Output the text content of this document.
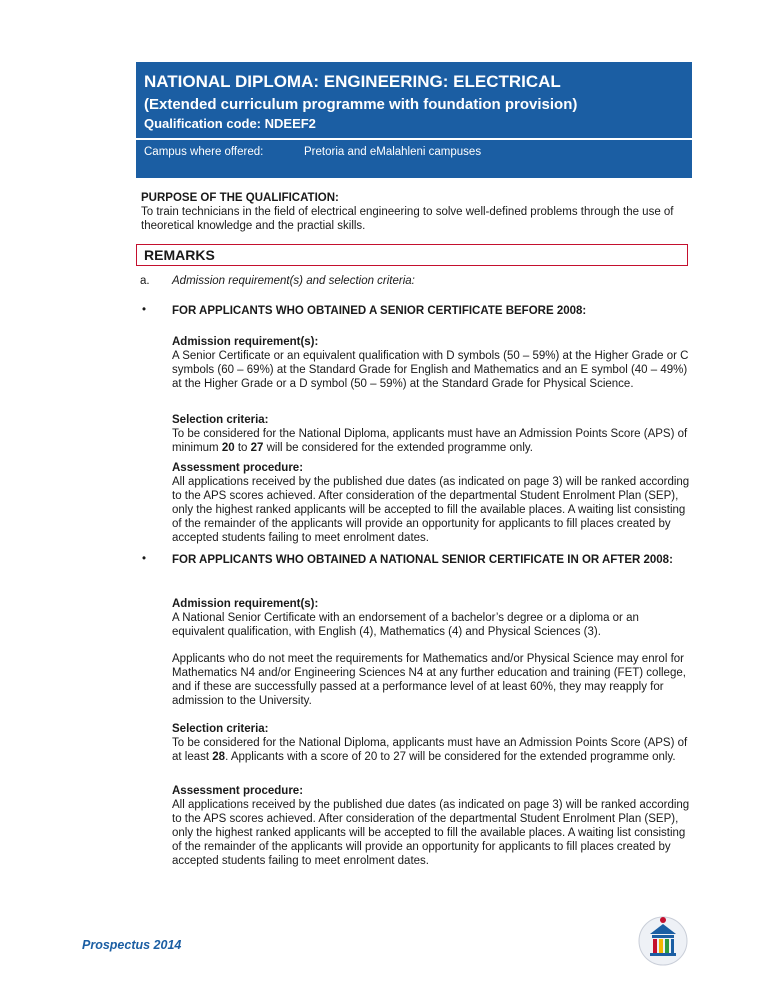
NATIONAL DIPLOMA: ENGINEERING: ELECTRICAL
(Extended curriculum programme with foundation provision)
Qualification code: NDEEF2
Campus where offered:	Pretoria and eMalahleni campuses
PURPOSE OF THE QUALIFICATION:
To train technicians in the field of electrical engineering to solve well-defined problems through the use of theoretical knowledge and the practial skills.
REMARKS
a. Admission requirement(s) and selection criteria:
• FOR APPLICANTS WHO OBTAINED A SENIOR CERTIFICATE BEFORE 2008:

Admission requirement(s):

A Senior Certificate or an equivalent qualification with D symbols (50 – 59%) at the Higher Grade or C symbols (60 – 69%) at the Standard Grade for English and Mathematics and an E symbol (40 – 49%) at the Higher Grade or a D symbol (50 – 59%) at the Standard Grade for Physical Science.

Selection criteria:

To be considered for the National Diploma, applicants must have an Admission Points Score (APS) of minimum 20 to 27 will be considered for the extended programme only.

Assessment procedure:

All applications received by the published due dates (as indicated on page 3) will be ranked according to the APS scores achieved. After consideration of the departmental Student Enrolment Plan (SEP), only the highest ranked applicants will be accepted to fill the available places. A waiting list consisting of the remainder of the applicants will provide an opportunity for applicants to fill places created by accepted students failing to meet enrolment dates.

• FOR APPLICANTS WHO OBTAINED A NATIONAL SENIOR CERTIFICATE IN OR AFTER 2008:

Admission requirement(s):

A National Senior Certificate with an endorsement of a bachelor’s degree or a diploma or an equivalent qualification, with English (4), Mathematics (4) and Physical Sciences (3).

Applicants who do not meet the requirements for Mathematics and/or Physical Science may enrol for Mathematics N4 and/or Engineering Sciences N4 at any further education and training (FET) college, and if these are successfully passed at a performance level of at least 60%, they may reapply for admission to the University.

Selection criteria:

To be considered for the National Diploma, applicants must have an Admission Points Score (APS) of at least 28. Applicants with a score of 20 to 27 will be considered for the extended programme only.

Assessment procedure:

All applications received by the published due dates (as indicated on page 3) will be ranked according to the APS scores achieved. After consideration of the departmental Student Enrolment Plan (SEP), only the highest ranked applicants will be accepted to fill the available places. A waiting list consisting of the remainder of the applicants will provide an opportunity for applicants to fill places created by accepted students failing to meet enrolment dates.

Prospectus 2014
